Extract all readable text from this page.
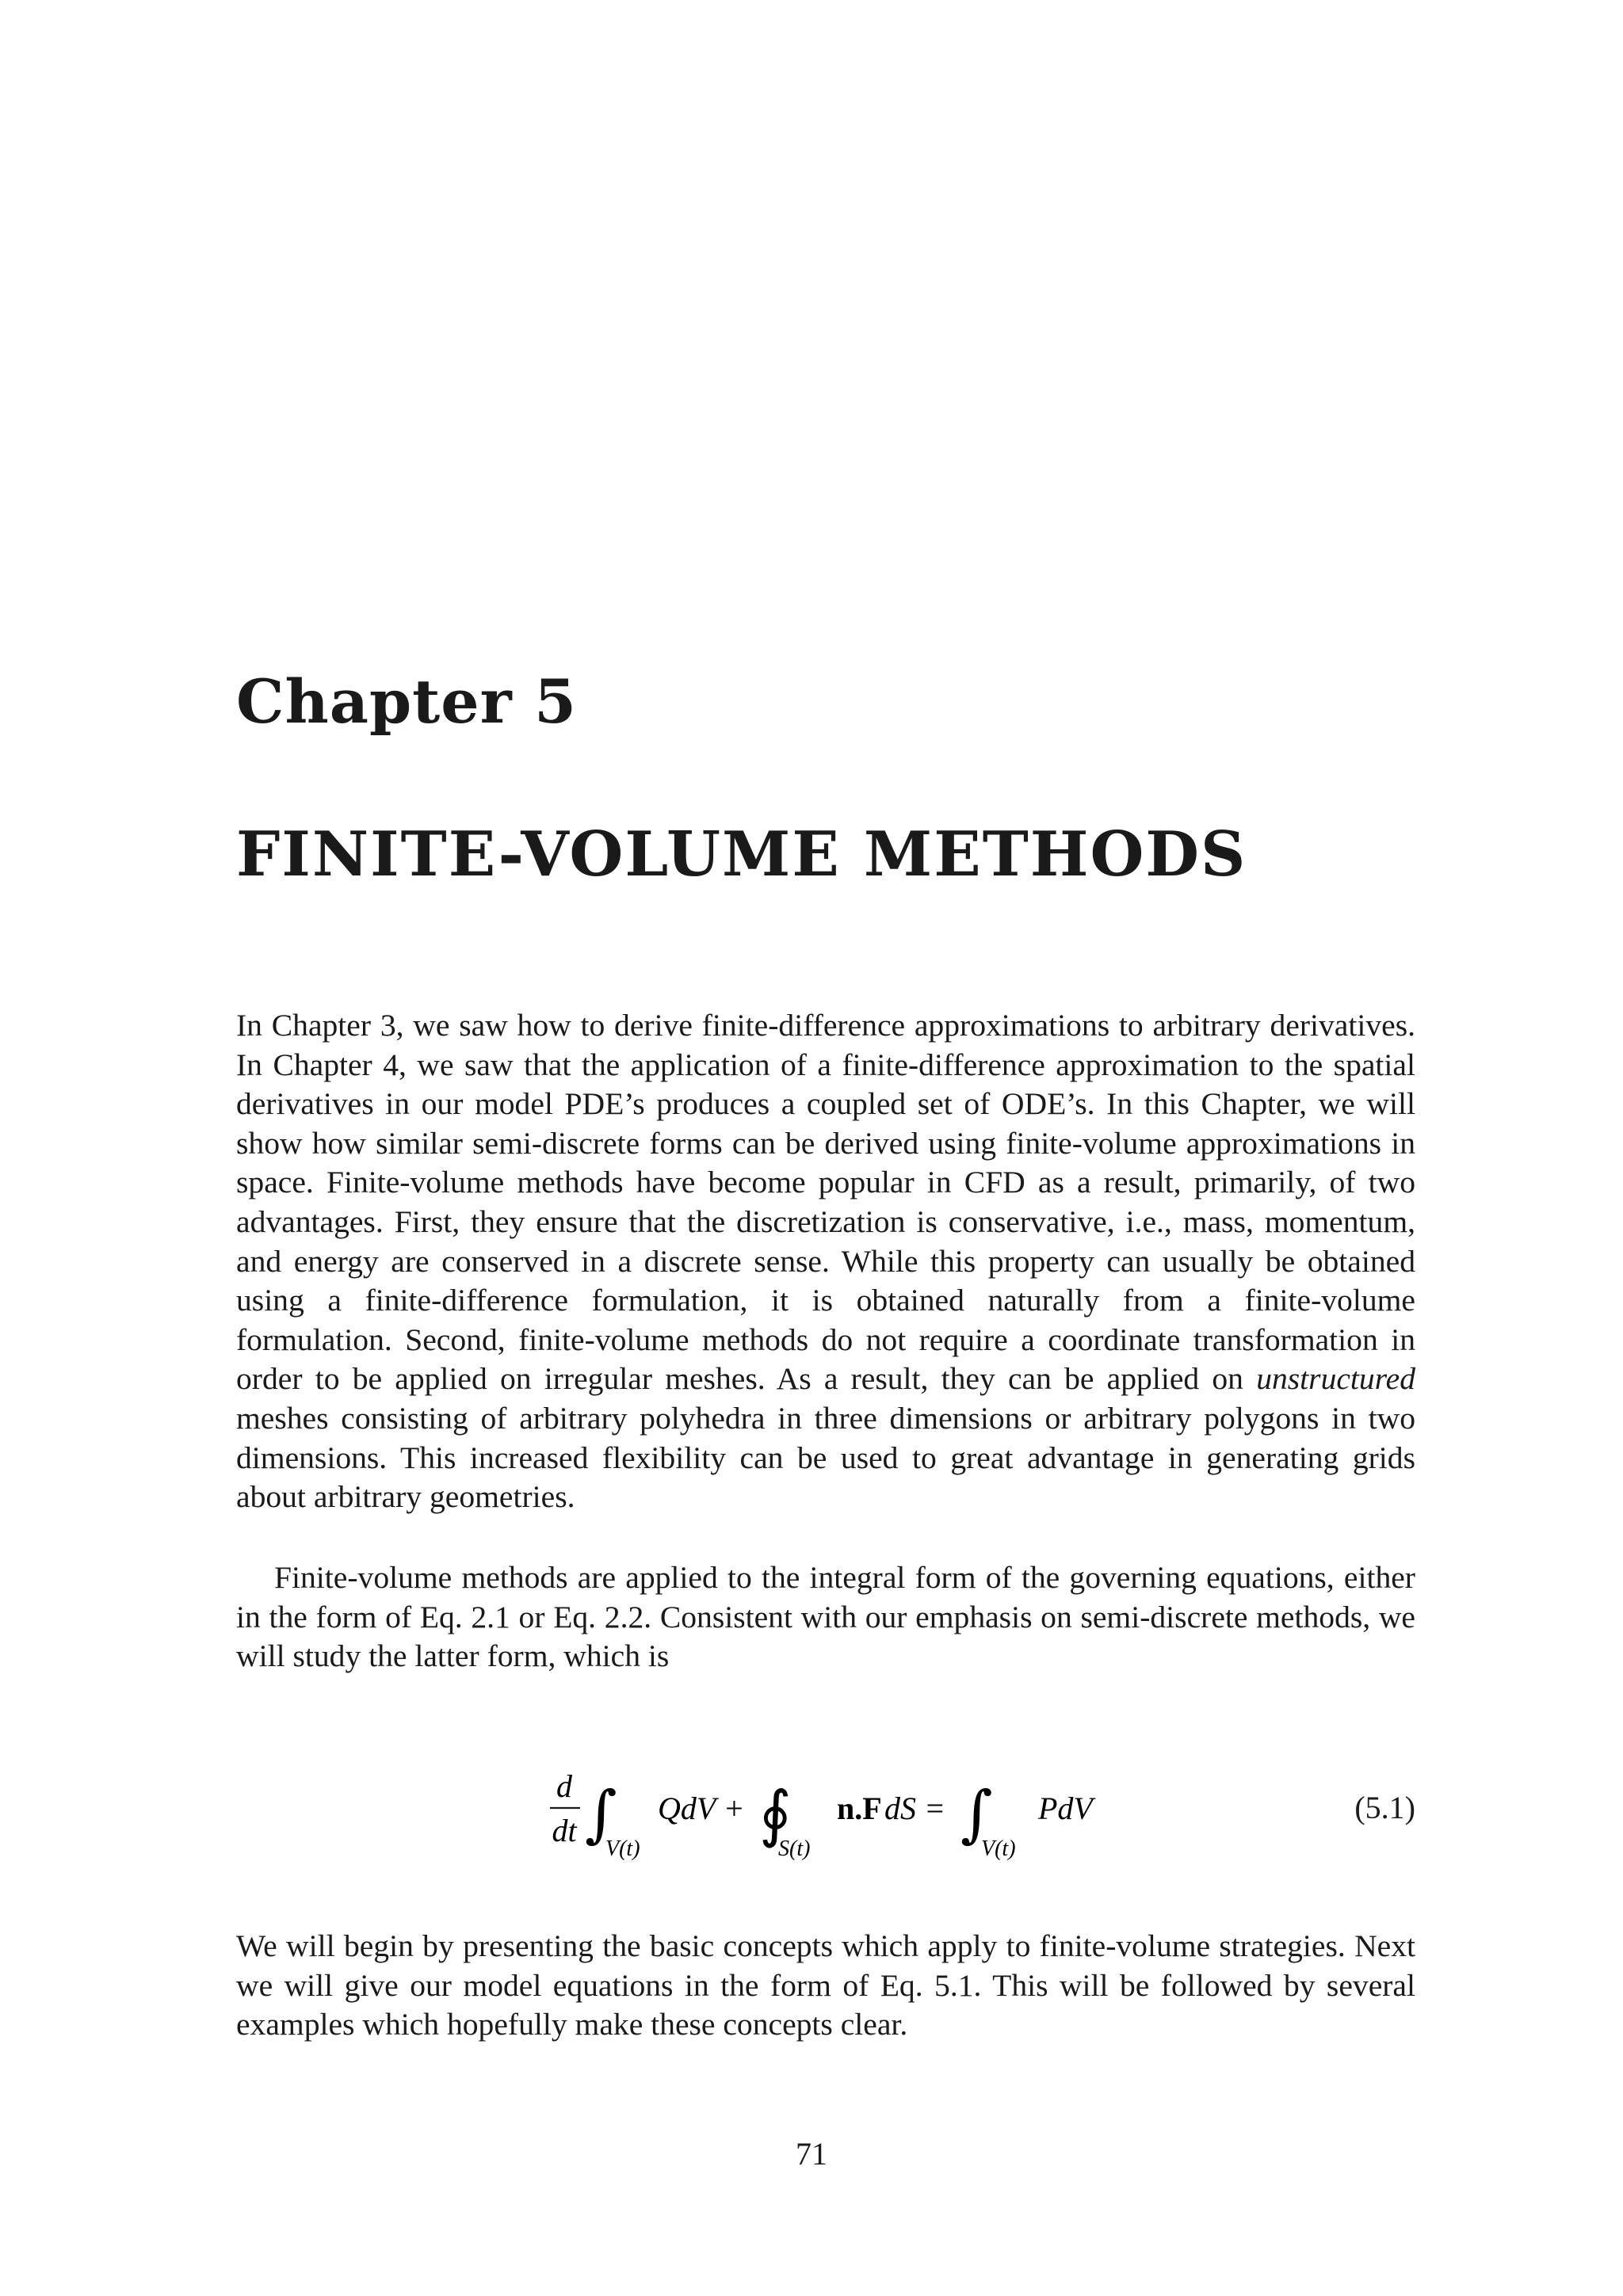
Chapter 5
FINITE-VOLUME METHODS

In Chapter 3, we saw how to derive finite-difference approximations to arbitrary derivatives. In Chapter 4, we saw that the application of a finite-difference approximation to the spatial derivatives in our model PDE’s produces a coupled set of ODE’s. In this Chapter, we will show how similar semi-discrete forms can be derived using finite-volume approximations in space. Finite-volume methods have become popular in CFD as a result, primarily, of two advantages. First, they ensure that the discretization is conservative, i.e., mass, momentum, and energy are conserved in a discrete sense. While this property can usually be obtained using a finite-difference formulation, it is obtained naturally from a finite-volume formulation. Second, finite-volume methods do not require a coordinate transformation in order to be applied on irregular meshes. As a result, they can be applied on unstructured meshes consisting of arbitrary polyhedra in three dimensions or arbitrary polygons in two dimensions. This increased flexibility can be used to great advantage in generating grids about arbitrary geometries.

Finite-volume methods are applied to the integral form of the governing equations, either in the form of Eq. 2.1 or Eq. 2.2. Consistent with our emphasis on semi-discrete methods, we will study the latter form, which is

d
dt ∫
V(t)
QdV + ∮
S(t)
n.F dS = ∫
V(t)
PdV	(5.1)

We will begin by presenting the basic concepts which apply to finite-volume strategies. Next we will give our model equations in the form of Eq. 5.1. This will be followed by several examples which hopefully make these concepts clear.

71
